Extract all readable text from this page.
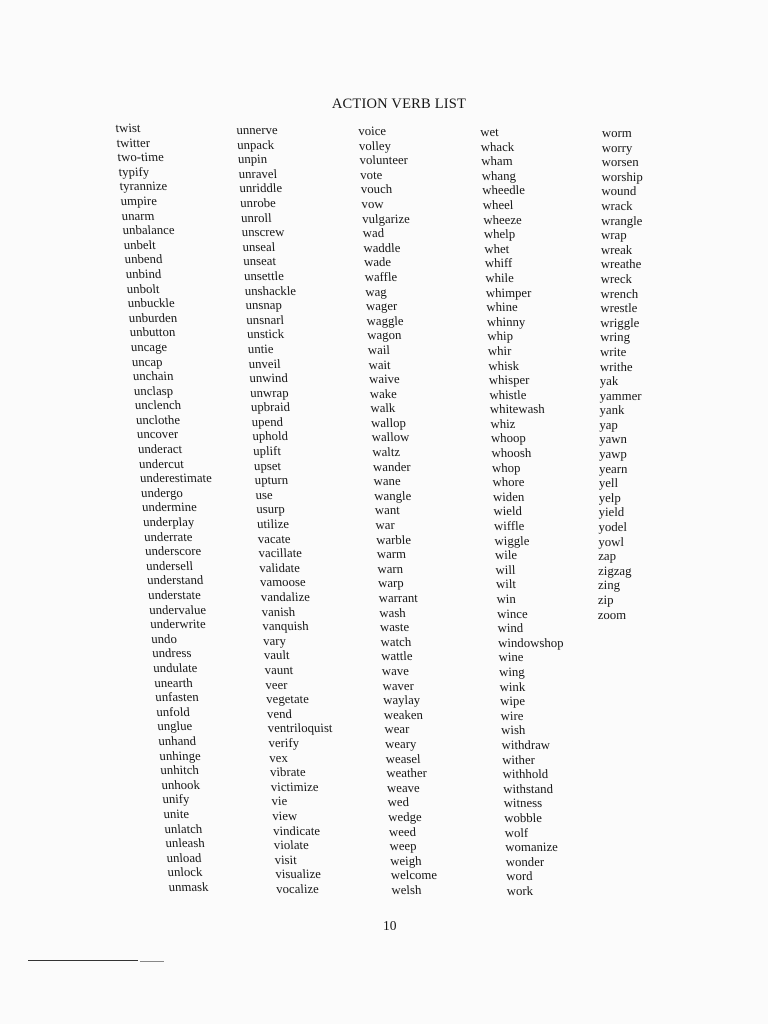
ACTION VERB LIST
twist
twitter
two-time
typify
tyrannize
umpire
unarm
unbalance
unbelt
unbend
unbind
unbolt
unbuckle
unburden
unbutton
uncage
uncap
unchain
unclasp
unclench
unclothe
uncover
underact
undercut
underestimate
undergo
undermine
underplay
underrate
underscore
undersell
understand
understate
undervalue
underwrite
undo
undress
undulate
unearth
unfasten
unfold
unglue
unhand
unhinge
unhitch
unhook
unify
unite
unlatch
unleash
unload
unlock
unmask
unnerve
unpack
unpin
unravel
unriddle
unrobe
unroll
unscrew
unseal
unseat
unsettle
unshackle
unsnap
unsnarl
unstick
untie
unveil
unwind
unwrap
upbraid
upend
uphold
uplift
upset
upturn
use
usurp
utilize
vacate
vacillate
validate
vamoose
vandalize
vanish
vanquish
vary
vault
vaunt
veer
vegetate
vend
ventriloquist
verify
vex
vibrate
victimize
vie
view
vindicate
violate
visit
visualize
vocalize
voice
volley
volunteer
vote
vouch
vow
vulgarize
wad
waddle
wade
waffle
wag
wager
waggle
wagon
wail
wait
waive
wake
walk
wallop
wallow
waltz
wander
wane
wangle
want
war
warble
warm
warn
warp
warrant
wash
waste
watch
wattle
wave
waver
waylay
weaken
wear
weary
weasel
weather
weave
wed
wedge
weed
weep
weigh
welcome
welsh
wet
whack
wham
whang
wheedle
wheel
wheeze
whelp
whet
whiff
while
whimper
whine
whinny
whip
whir
whisk
whisper
whistle
whitewash
whiz
whoop
whoosh
whop
whore
widen
wield
wiffle
wiggle
wile
will
wilt
win
wince
wind
windowshop
wine
wing
wink
wipe
wire
wish
withdraw
wither
withhold
withstand
witness
wobble
wolf
womanize
wonder
word
work
worm
worry
worsen
worship
wound
wrack
wrangle
wrap
wreak
wreathe
wreck
wrench
wrestle
wriggle
wring
write
writhe
yak
yammer
yank
yap
yawn
yawp
yearn
yell
yelp
yield
yodel
yowl
zap
zigzag
zing
zip
zoom
10
